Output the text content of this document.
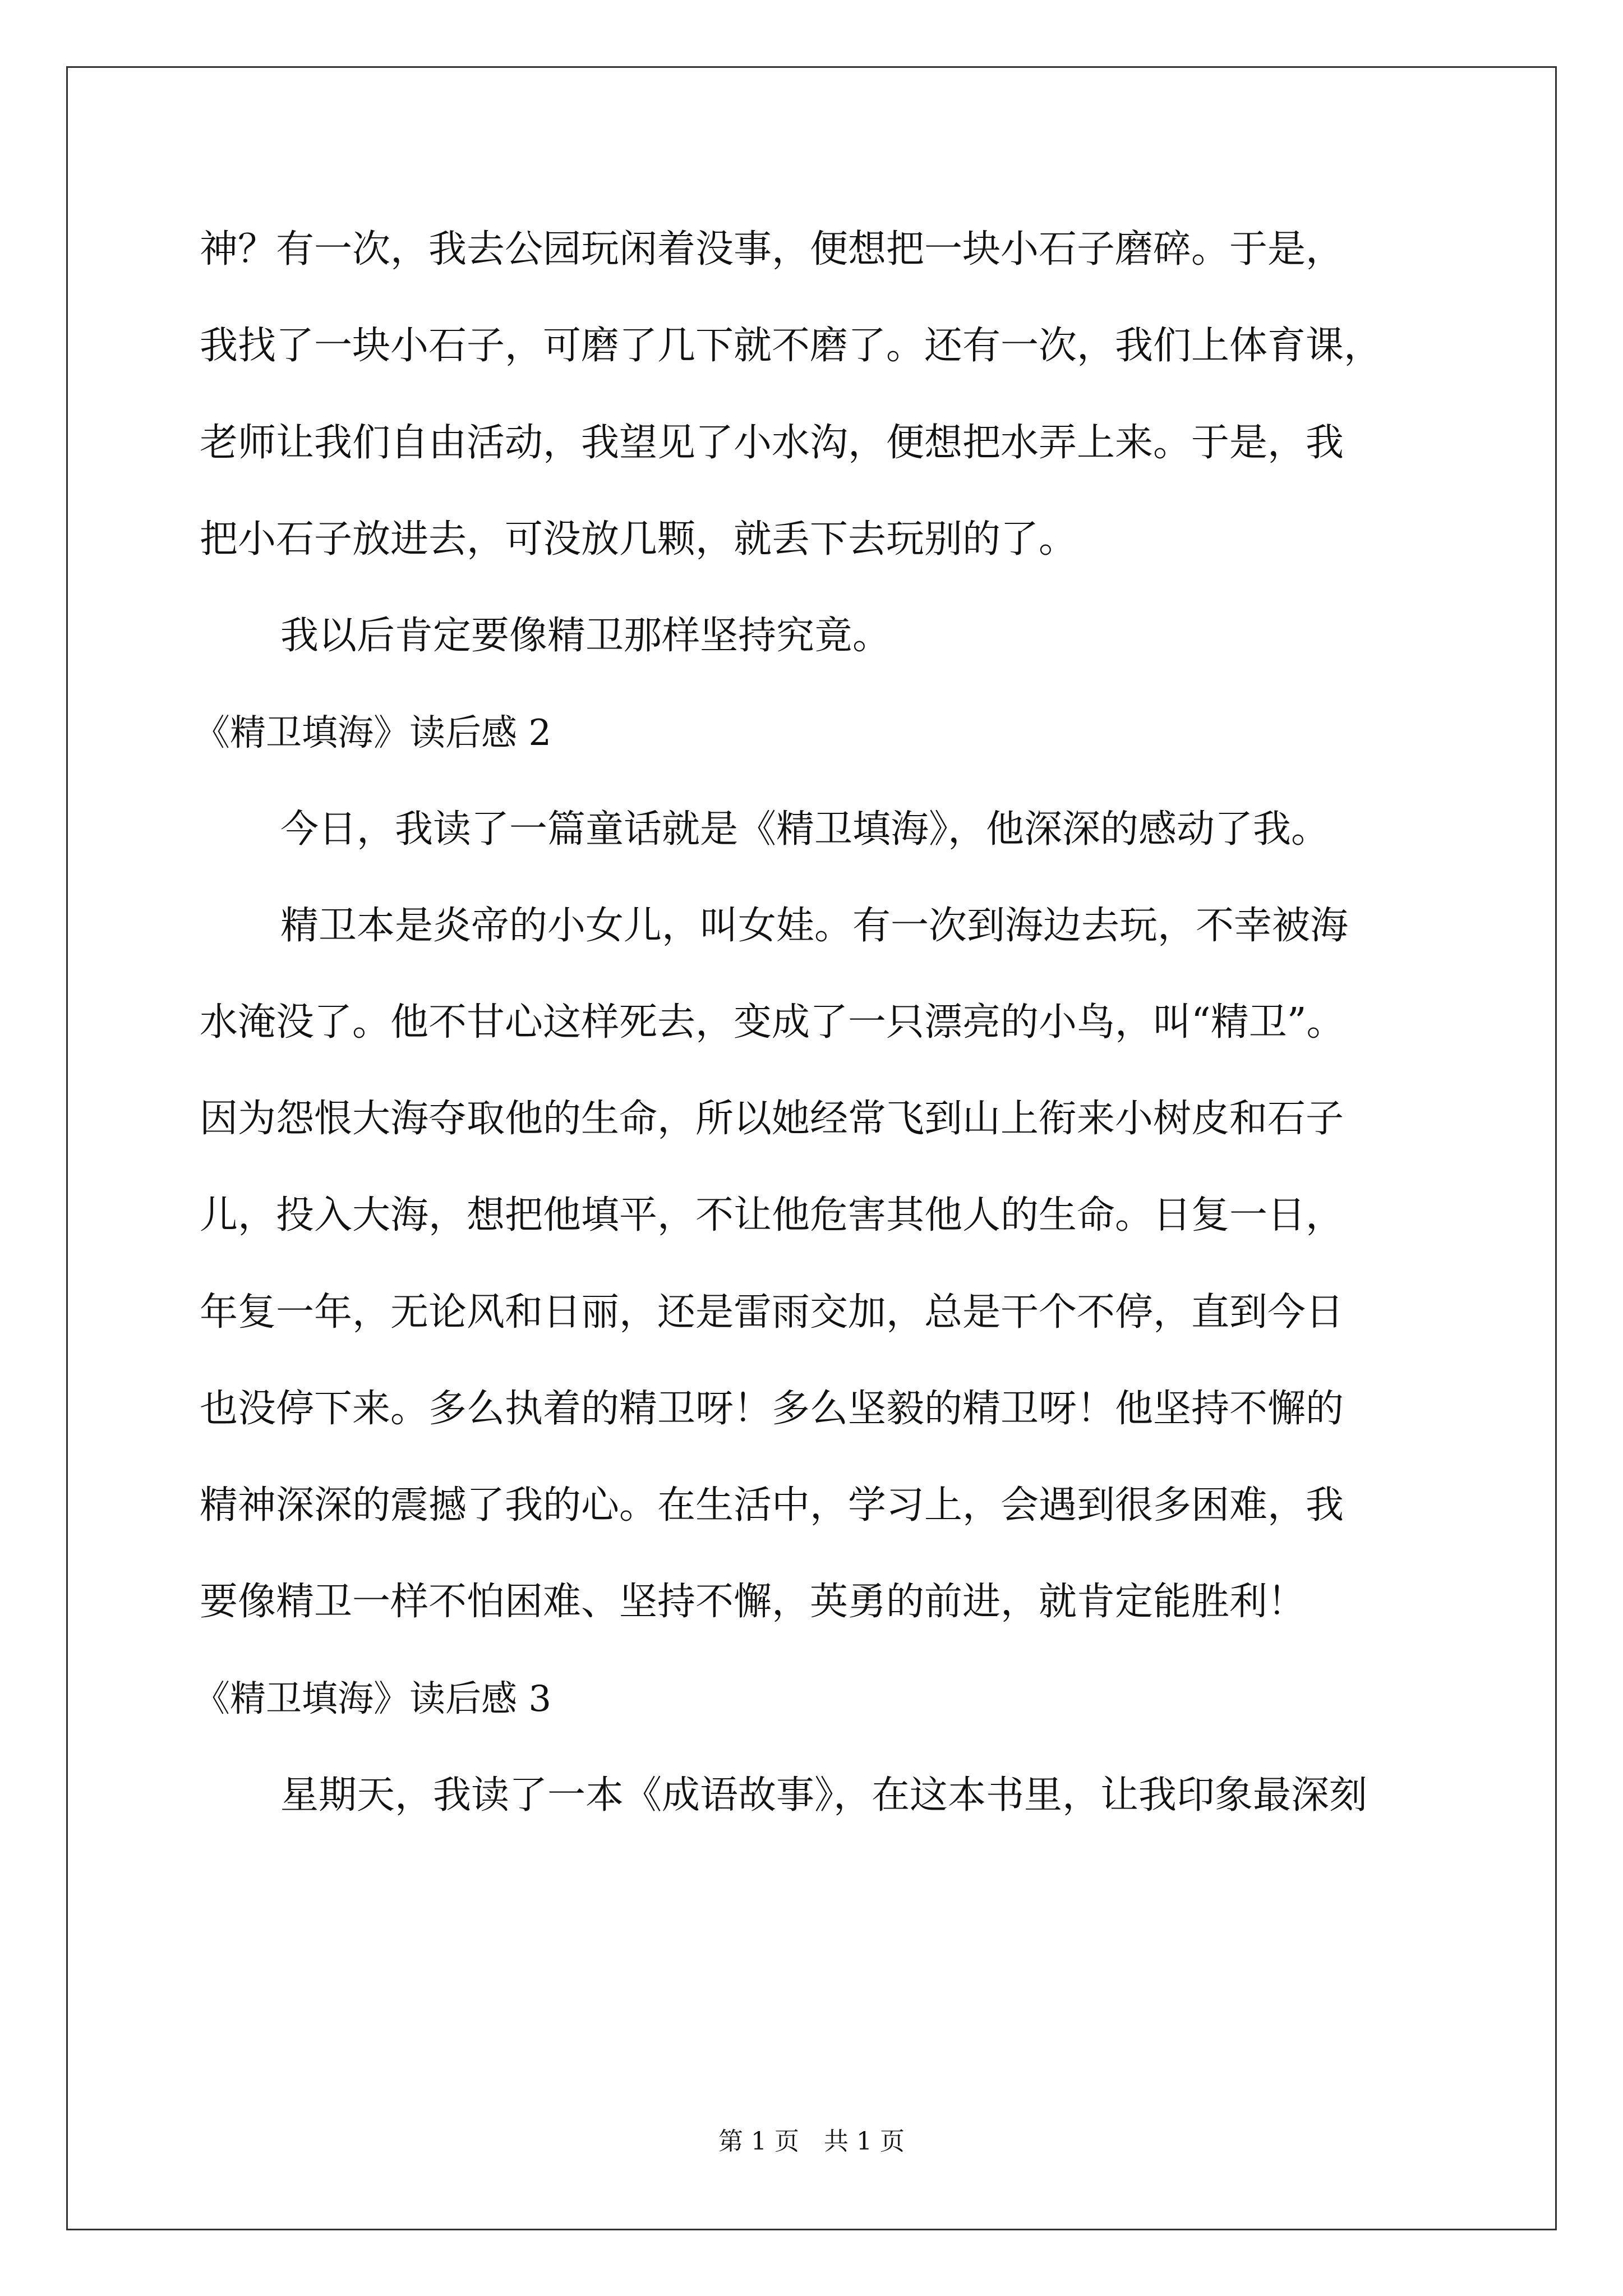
神？有一次，我去公园玩闲着没事，便想把一块小石子磨碎。于是，
我找了一块小石子，可磨了几下就不磨了。还有一次，我们上体育课，
老师让我们自由活动，我望见了小水沟，便想把水弄上来。于是，我
把小石子放进去，可没放几颗，就丢下去玩别的了。
我以后肯定要像精卫那样坚持究竟。
《精卫填海》读后感 2
今日，我读了一篇童话就是《精卫填海》，他深深的感动了我。
精卫本是炎帝的小女儿，叫女娃。有一次到海边去玩，不幸被海
水淹没了。他不甘心这样死去，变成了一只漂亮的小鸟，叫“精卫”。
因为怨恨大海夺取他的生命，所以她经常飞到山上衔来小树皮和石子
儿，投入大海，想把他填平，不让他危害其他人的生命。日复一日，
年复一年，无论风和日丽，还是雷雨交加，总是干个不停，直到今日
也没停下来。多么执着的精卫呀！多么坚毅的精卫呀！他坚持不懈的
精神深深的震撼了我的心。在生活中，学习上，会遇到很多困难，我
要像精卫一样不怕困难、坚持不懈，英勇的前进，就肯定能胜利！
《精卫填海》读后感 3
星期天，我读了一本《成语故事》，在这本书里，让我印象最深刻
第 1 页　共 1 页
